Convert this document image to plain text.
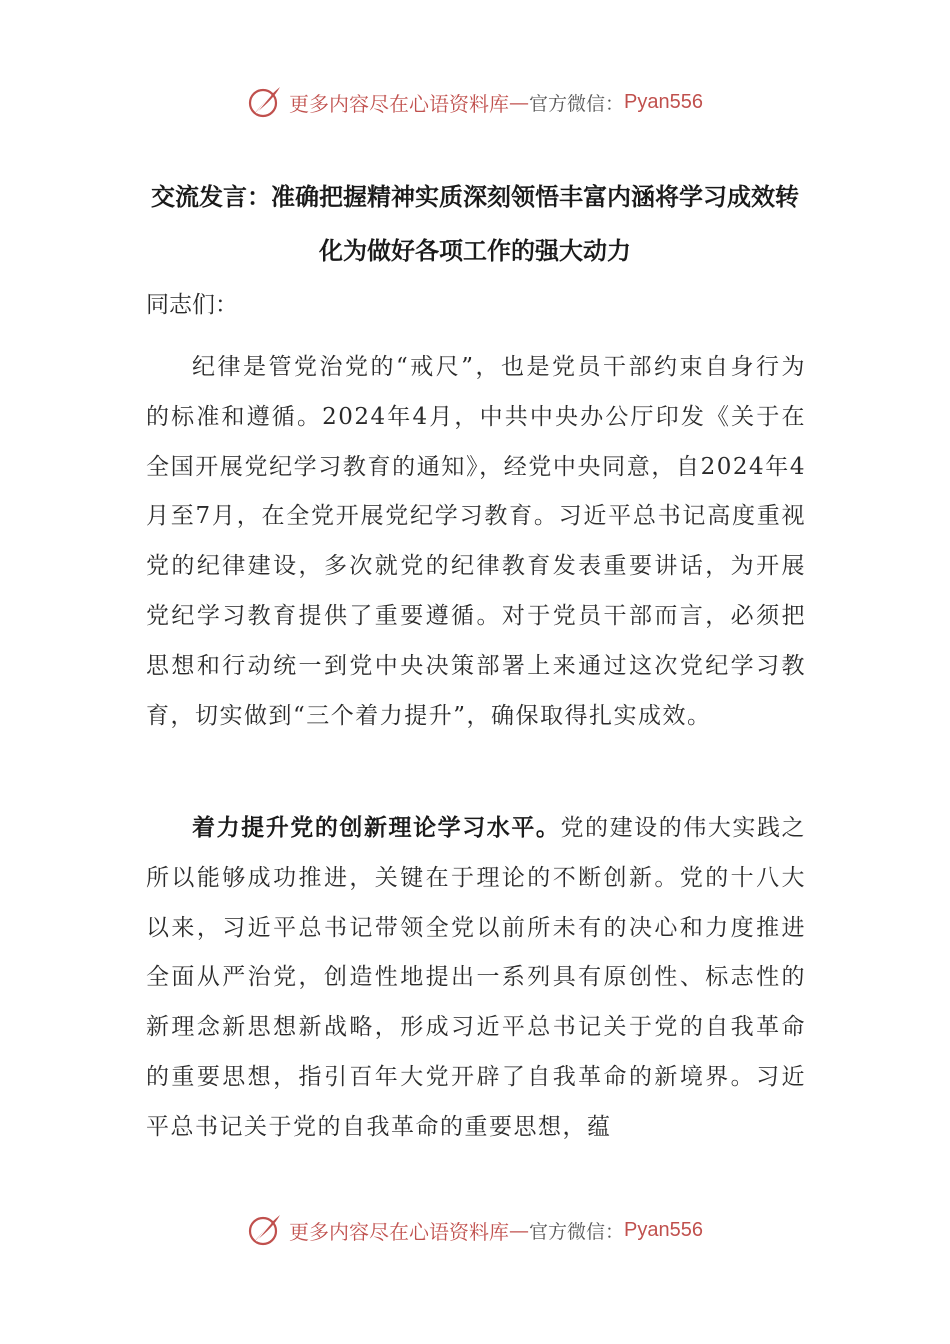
更多内容尽在心语资料库 — 官方微信： Pyan556
交流发言：准确把握精神实质深刻领悟丰富内涵将学习成效转化为做好各项工作的强大动力
同志们：

纪律是管党治党的“戒尺”，也是党员干部约束自身行为的标准和遵循。2024年4月，中共中央办公厅印发《关于在全国开展党纪学习教育的通知》，经党中央同意，自2024年4月至7月，在全党开展党纪学习教育。习近平总书记高度重视党的纪律建设，多次就党的纪律教育发表重要讲话，为开展党纪学习教育提供了重要遵循。对于党员干部而言，必须把思想和行动统一到党中央决策部署上来通过这次党纪学习教育，切实做到“三个着力提升”，确保取得扎实成效。

着力提升党的创新理论学习水平。党的建设的伟大实践之所以能够成功推进，关键在于理论的不断创新。党的十八大以来，习近平总书记带领全党以前所未有的决心和力度推进全面从严治党，创造性地提出一系列具有原创性、标志性的新理念新思想新战略，形成习近平总书记关于党的自我革命的重要思想，指引百年大党开辟了自我革命的新境界。习近平总书记关于党的自我革命的重要思想，蕴

更多内容尽在心语资料库 — 官方微信： Pyan556
